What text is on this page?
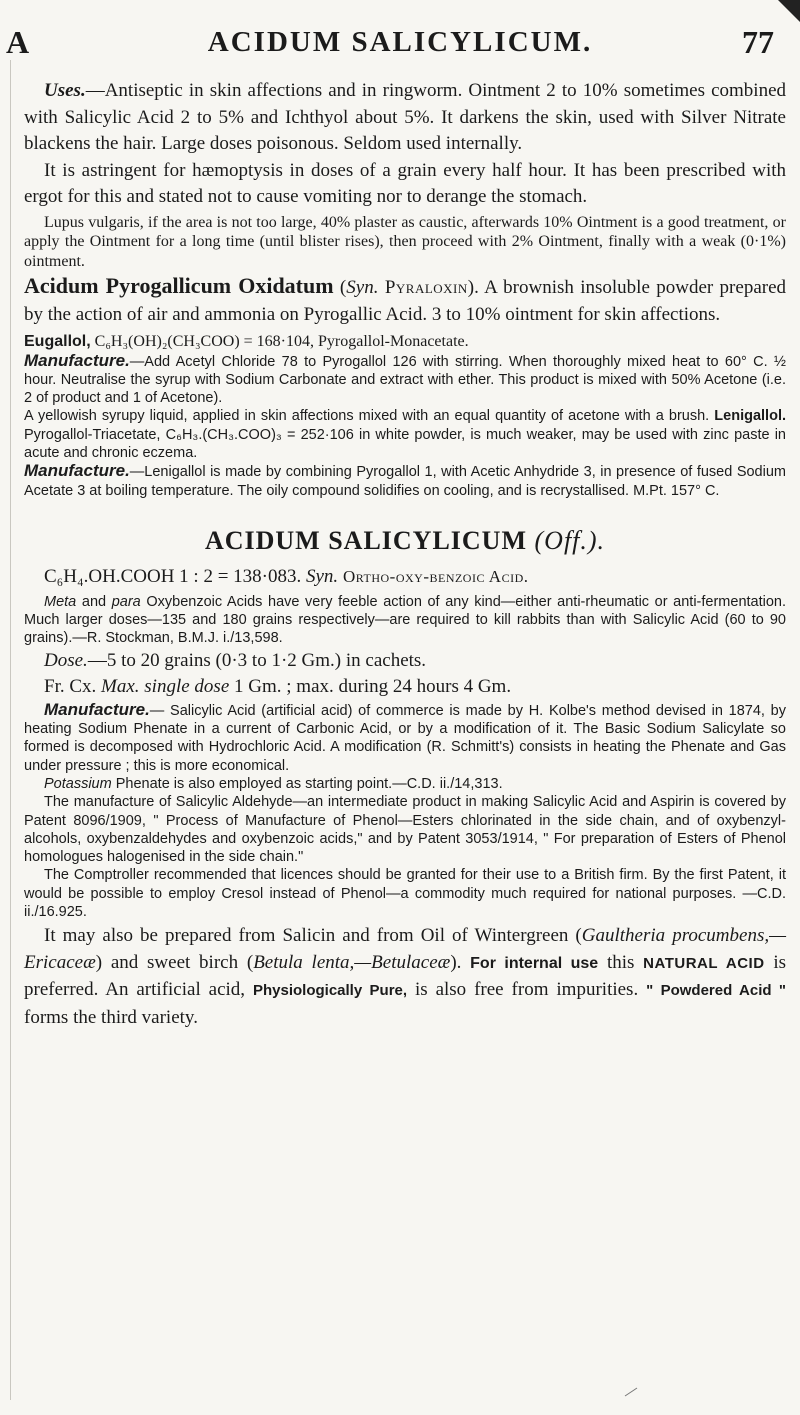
A	ACIDUM SALICYLICUM.	77

Uses.—Antiseptic in skin affections and in ringworm. Ointment 2 to 10% sometimes combined with Salicylic Acid 2 to 5% and Ichthyol about 5%. It darkens the skin, used with Silver Nitrate blackens the hair. Large doses poisonous. Seldom used internally.

It is astringent for hæmoptysis in doses of a grain every half hour. It has been prescribed with ergot for this and stated not to cause vomiting nor to derange the stomach.

Lupus vulgaris, if the area is not too large, 40% plaster as caustic, afterwards 10% Ointment is a good treatment, or apply the Ointment for a long time (until blister rises), then proceed with 2% Ointment, finally with a weak (0·1%) ointment.

Acidum Pyrogallicum Oxidatum (Syn. Pyraloxin). A brownish insoluble powder prepared by the action of air and ammonia on Pyrogallic Acid. 3 to 10% ointment for skin affections.

Eugallol, C₆H₃(OH)₂(CH₃COO) = 168·104, Pyrogallol-Monacetate.

Manufacture.—Add Acetyl Chloride 78 to Pyrogallol 126 with stirring. When thoroughly mixed heat to 60° C. ½ hour. Neutralise the syrup with Sodium Carbonate and extract with ether. This product is mixed with 50% Acetone (i.e. 2 of product and 1 of Acetone).

A yellowish syrupy liquid, applied in skin affections mixed with an equal quantity of acetone with a brush. Lenigallol. Pyrogallol-Triacetate, C₆H₃.(CH₃.COO)₃ = 252·106 in white powder, is much weaker, may be used with zinc paste in acute and chronic eczema.

Manufacture.—Lenigallol is made by combining Pyrogallol 1, with Acetic Anhydride 3, in presence of fused Sodium Acetate 3 at boiling temperature. The oily compound solidifies on cooling, and is recrystallised. M.Pt. 157° C.

ACIDUM SALICYLICUM (Off.).

C₆H₄.OH.COOH 1 : 2 = 138·083. Syn. Ortho-oxy-benzoic Acid.

Meta and para Oxybenzoic Acids have very feeble action of any kind—either anti-rheumatic or anti-fermentation. Much larger doses—135 and 180 grains respectively—are required to kill rabbits than with Salicylic Acid (60 to 90 grains).—R. Stockman, B.M.J. i./13,598.

Dose.—5 to 20 grains (0·3 to 1·2 Gm.) in cachets.

Fr. Cx. Max. single dose 1 Gm. ; max. during 24 hours 4 Gm.

Manufacture.— Salicylic Acid (artificial acid) of commerce is made by H. Kolbe's method devised in 1874, by heating Sodium Phenate in a current of Carbonic Acid, or by a modification of it. The Basic Sodium Salicylate so formed is decomposed with Hydrochloric Acid. A modification (R. Schmitt's) consists in heating the Phenate and Gas under pressure ; this is more economical.

Potassium Phenate is also employed as starting point.—C.D. ii./14,313.

The manufacture of Salicylic Aldehyde—an intermediate product in making Salicylic Acid and Aspirin is covered by Patent 8096/1909, " Process of Manufacture of Phenol—Esters chlorinated in the side chain, and of oxybenzyl-alcohols, oxybenzaldehydes and oxybenzoic acids," and by Patent 3053/1914, " For preparation of Esters of Phenol homologues halogenised in the side chain."

The Comptroller recommended that licences should be granted for their use to a British firm. By the first Patent, it would be possible to employ Cresol instead of Phenol—a commodity much required for national purposes. —C.D. ii./16.925.

It may also be prepared from Salicin and from Oil of Wintergreen (Gaultheria procumbens,—Ericaceæ) and sweet birch (Betula lenta,—Betulaceæ). For internal use this NATURAL ACID is preferred. An artificial acid, Physiologically Pure, is also free from impurities. " Powdered Acid " forms the third variety.
